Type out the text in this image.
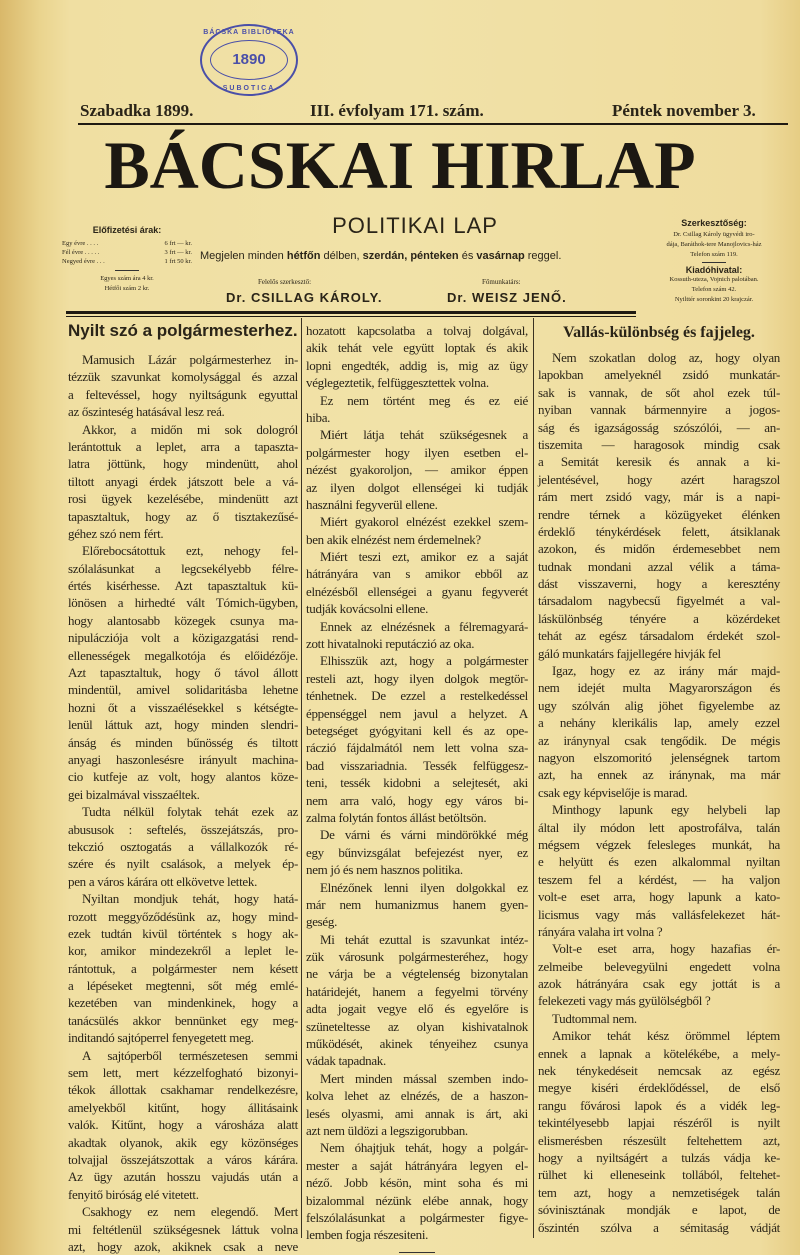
BÁCSKA BIBLIOTEKA
1890
SUBOTICA
Szabadka 1899.	III. évfolyam 171. szám.	Péntek november 3.
BÁCSKAI HIRLAP
POLITIKAI LAP
Előfizetési árak:
Egy évre . . . .	6 frt — kr.
Fél évre . . . . .	3 frt — kr.
Negyed évre . . .	1 frt 50 kr.
Egyes szám ára 4 kr.
Hétfői szám 2 kr.
Megjelen minden hétfőn délben, szerdán, pénteken és vasárnap reggel.
Szerkesztőség:
Dr. Csillag Károly ügyvédi iro-
dája, Baráthok-tere Manojlovics-ház
Telefon szám 119.
Kiadóhivatal:
Kossuth-uteza, Vojnich palotában.
Telefon szám 42.
Nyilttér soronkint 20 krajczár.
Felelős szerkesztő:
Dr. CSILLAG KÁROLY.
Főmunkatárs:
Dr. WEISZ JENŐ.
Nyilt szó a polgármesterhez.
Mamusich Lázár polgármesterhez in-
tézzük szavunkat komolysággal és azzal
a feltevéssel, hogy nyiltságunk egyuttal
az őszinteség hatásával lesz reá.
Akkor, a midőn mi sok dologról
lerántottuk a leplet, arra a tapaszta-
latra jöttünk, hogy mindenütt, ahol
tiltott anyagi érdek játszott bele a vá-
rosi ügyek kezelésébe, mindenütt azt
tapasztaltuk, hogy az ő tisztakezűsé-
géhez szó nem fért.
Előrebocsátottuk ezt, nehogy fel-
szólalásunkat a legcsekélyebb félre-
értés kisérhesse. Azt tapasztaltuk kü-
lönösen a hirhedté vált Tómich-ügyben,
hogy alantosabb közegek csunya ma-
nipulácziója volt a közigazgatási rend-
ellenességek megalkotója és előidézője.
Azt tapasztaltuk, hogy ő távol állott
mindentül, amivel solidaritásba lehetne
hozni őt a visszaélésekkel s kétségte-
lenül láttuk azt, hogy minden slendri-
ánság és minden bűnösség és tiltott
anyagi haszonlesésre irányult machina-
cio kutfeje az volt, hogy alantos köze-
gei bizalmával visszaéltek.
Tudta nélkül folytak tehát ezek az
abususok : seftelés, összejátszás, pro-
tekczió osztogatás a vállalkozók ré-
szére és nyilt csalások, a melyek ép-
pen a város kárára ott elkövetve lettek.
Nyiltan mondjuk tehát, hogy hatá-
rozott meggyőződésünk az, hogy mind-
ezek tudtán kivül történtek s hogy ak-
kor, amikor mindezekről a leplet le-
rántottuk, a polgármester nem késett
a lépéseket megtenni, sőt még emlé-
kezetében van mindenkinek, hogy a
tanácsülés akkor bennünket egy meg-
inditandó sajtóperrel fenyegetett meg.
A sajtóperből természetesen semmi
sem lett, mert kézzelfogható bizonyi-
tékok állottak csakhamar rendelkezésre,
amelyekből kitűnt, hogy állitásaink
valók. Kitűnt, hogy a városháza alatt
akadtak olyanok, akik egy közönséges
tolvajjal összejátszottak a város kárára.
Az ügy azután hosszu vajudás után a
fenyitő biróság elé vitetett.
Csakhogy ez nem elegendő. Mert
mi feltétlenül szükségesnek láttuk volna
azt, hogy azok, akiknek csak a neve
hozatott kapcsolatba a tolvaj dolgával,
akik tehát vele együtt loptak és akik
lopni engedték, addig is, mig az ügy
véglegeztetik, felfüggesztettek volna.
Ez nem történt meg és ez eié
hiba.
Miért látja tehát szükségesnek a
polgármester hogy ilyen esetben el-
nézést gyakoroljon, — amikor éppen
az ilyen dolgot ellenségei ki tudják
használni fegyverül ellene.
Miért gyakorol elnézést ezekkel szem-
ben akik elnézést nem érdemelnek?
Miért teszi ezt, amikor ez a saját
hátrányára van s amikor ebből az
elnézésből ellenségei a gyanu fegyverét
tudják kovácsolni ellene.
Ennek az elnézésnek a félremagyará-
zott hivatalnoki reputáczió az oka.
Elhisszük azt, hogy a polgármester
resteli azt, hogy ilyen dolgok megtör-
ténhetnek. De ezzel a restelkedéssel
éppenséggel nem javul a helyzet. A
betegséget gyógyitani kell és az ope-
ráczió fájdalmától nem lett volna sza-
bad visszariadnia. Tessék felfüggesz-
teni, tessék kidobni a selejtesét, aki
nem arra való, hogy egy város bi-
zalma folytán fontos állást betöltsön.
De várni és várni mindörökké még
egy bűnvizsgálat befejezést nyer, ez
nem jó és nem hasznos politika.
Elnézőnek lenni ilyen dolgokkal ez
már nem humanizmus hanem gyen-
geség.
Mi tehát ezuttal is szavunkat intéz-
zük városunk polgármesteréhez, hogy
ne várja be a végtelenség bizonytalan
határidejét, hanem a fegyelmi törvény
adta jogait vegye elő és egyelőre is
szüneteltesse az olyan kishivatalnok
működését, akinek tényeihez csunya
vádak tapadnak.
Mert minden mással szemben indo-
kolva lehet az elnézés, de a haszon-
lesés olyasmi, ami annak is árt, aki
azt nem üldözi a legszigorubban.
Nem óhajtjuk tehát, hogy a polgár-
mester a saját hátrányára legyen el-
néző. Jobb késön, mint soha és mi
bizalommal nézünk elébe annak, hogy
felszólalásunkat a polgármester figye-
lemben fogja részesiteni.
Vallás-különbség és fajjeleg.
Nem szokatlan dolog az, hogy olyan
lapokban amelyeknél zsidó munkatár-
sak is vannak, de sőt ahol ezek túl-
nyiban vannak bármennyire a jogos-
ság és igazságosság szószólói, — an-
tiszemita — haragosok mindig csak
a Semitát keresik és annak a ki-
jelentésével, hogy azért haragszol
rám mert zsidó vagy, már is a napi-
rendre térnek a közügyeket élénken
érdeklő ténykérdések felett, átsiklanak
azokon, és midőn érdemesebbet nem
tudnak mondani azzal vélik a táma-
dást visszaverni, hogy a keresztény
társadalom nagybecsű figyelmét a val-
láskülönbség tényére a közérdeket
tehát az egész társadalom érdekét szol-
gáló munkatárs fajjellegére hivják fel
Igaz, hogy ez az irány már majd-
nem idejét multa Magyarországon és
ugy szólván alig jöhet figyelembe az
a nehány klerikális lap, amely ezzel
az iránynyal csak tengődik. De mégis
nagyon elszomoritó jelenségnek tartom
azt, ha ennek az iránynak, ma már
csak egy képviselője is marad.
Minthogy lapunk egy helybeli lap
által ily módon lett apostrofálva, talán
mégsem végzek felesleges munkát, ha
e helyütt és ezen alkalommal nyiltan
teszem fel a kérdést, — ha valjon
volt-e eset arra, hogy lapunk a kato-
licismus vagy más vallásfelekezet hát-
rányára valaha irt volna ?
Volt-e eset arra, hogy hazafias ér-
zelmeibe belevegyülni engedett volna
azok hátrányára csak egy jottát is a
felekezeti vagy más gyülölségből ?
Tudtommal nem.
Amikor tehát kész örömmel léptem
ennek a lapnak a kötelékébe, a mely-
nek ténykedéseit nemcsak az egész
megye kiséri érdeklődéssel, de első
rangu fővárosi lapok és a vidék leg-
tekintélyesebb lapjai részéről is nyilt
elismerésben részesült feltehettem azt,
hogy a nyiltságért a tulzás vádja ke-
rülhet ki elleneseink tollából, feltehet-
tem azt, hogy a nemzetiségek talán
sóvinisztának mondják e lapot, de
őszintén szólva a sémitaság vádját
